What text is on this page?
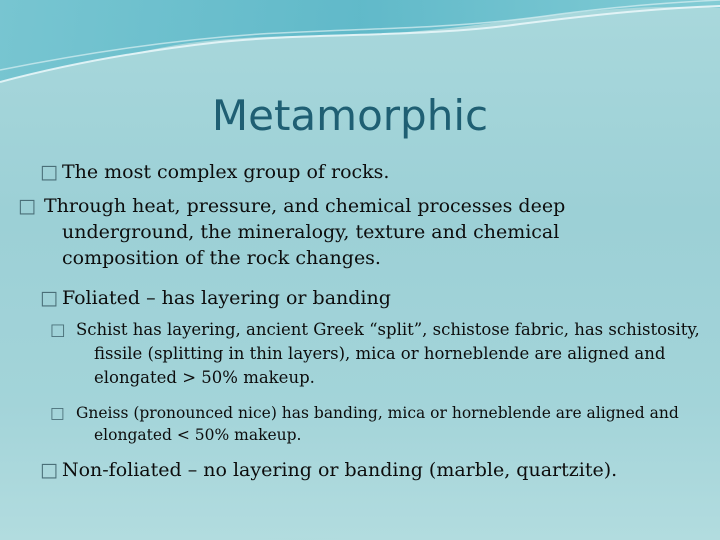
Metamorphic
□ The most complex group of rocks.
□ Through heat, pressure, and chemical processes deep underground, the mineralogy, texture and chemical composition of the rock changes.
□ Foliated – has layering or banding
□ Schist has layering, ancient Greek “split”, schistose fabric, has schistosity, fissile (splitting in thin layers), mica or horneblende are aligned and elongated > 50% makeup.
□ Gneiss (pronounced nice) has banding, mica or horneblende are aligned and elongated < 50% makeup.
□ Non-foliated – no layering or banding (marble, quartzite).
